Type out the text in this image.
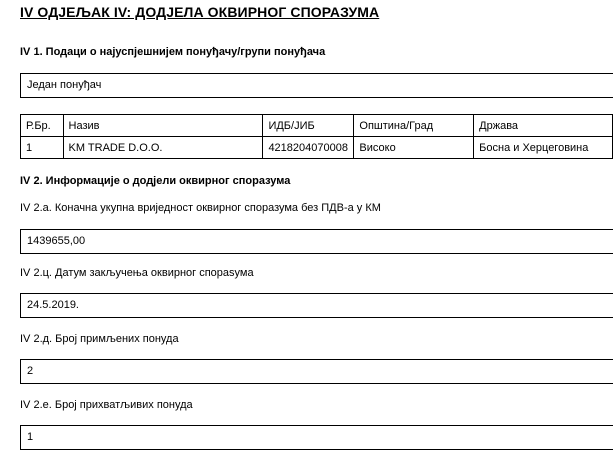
IV ОДЈЕЉАК IV: ДОДЈЕЛА ОКВИРНОГ СПОРАЗУМА
IV 1. Подаци о најуспјешнијем понуђачу/групи понуђача
Један понуђач
Р.Бр.	Назив	ИДБ/ЈИБ	Општина/Град	Држава
1	KM TRADE D.O.O.	4218204070008	Високо	Босна и Херцеговина
IV 2. Информације о додјели оквирног споразума
IV 2.а. Коначна укупна вриједност оквирног споразума без ПДВ-а у КМ
1439655,00
IV 2.ц. Датум закључења оквирног спораsума
24.5.2019.
IV 2.д. Број примљених понуда
2
IV 2.е. Број прихватљивих понуда
1
